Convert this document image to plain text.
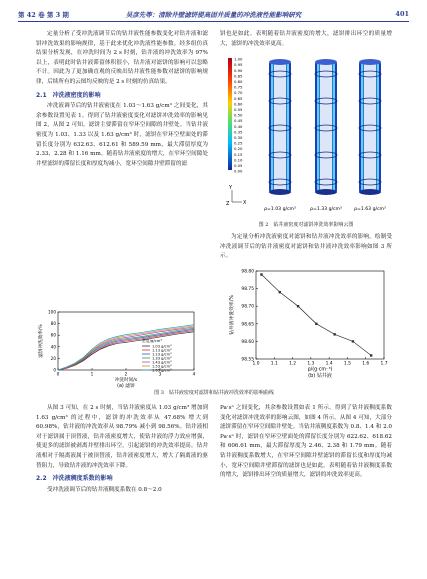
第 42 卷 第 3 期	吴彦先等：清除井壁滤饼提高固井质量的冲洗液性能影响研究	401

定量分析了受冲洗液调节后的钻井液性能参数变化对钻井液和滤饼冲洗效果的影响规律，基于此来优化冲洗液性能参数。经多组仿真结果分析发现，在冲洗时间为 2 s 时刻，钻井液的冲洗效率为 97% 以上，表明此时钻井液滞留体积很小，钻井液对滤饼的影响可以忽略不计。因此为了更加确直观的反映出钻井液性能参数对滤饼的影响规律，后续所有的云图均反映的是 2 s 时刻的仿真结果。

2.1　冲洗液密度的影响

冲洗液调节后的钻井液密度在 1.03～1.63 g/cm³ 之间变化，其余参数设置见表 1。得到了钻井液密度变化对滤饼冲洗效率的影响见图 2，从图 2 可知，滤饼主要滞留在窄环空间隙的井壁处。当钻井液密度为 1.03、1.33 以及 1.63 g/cm³ 时，滤饼在窄环空壁面处的滞留长度分别为 632.63、612.61 和 589.59 mm，最大滞留厚度为 2.33、2.28 和 1.16 mm。随着钻井液密度的增大，在窄环空间隙处井壁滤饼的滞留长度和厚度均减小，宽环空间隙井壁滞留的滤

饼也是如此。表明随着钻井液密度的增大，滤饼排出环空的质量增大，滤饼的冲洗效率更高。

1.00
0.95
0.90
0.85
0.80
0.75
0.70
0.65
0.60
0.55
0.50
0.45
0.40
0.35
0.30
0.25
0.20
0.15
0.10
0.05
0.00
Y
Z	X
ρ=1.03 g/cm³	ρ=1.33 g/cm³	ρ=1.63 g/cm³
图 2　钻井液密度对滤饼冲洗效率影响云图

为定量分析冲洗液密度对滤饼和钻井液冲洗效率的影响，绘制受冲洗液调节后的钻井液密度对滤饼和钻井液冲洗效率影响如图 3 所示。

98.55
98.60
98.65
98.70
98.75
98.80
1.0	1.1	1.2	1.3	1.4	1.5	1.6	1.7
ρ/(g·cm⁻³)
钻井液冲洗效率/%
(b) 钻井液
0
20
40
60
80
100
0	1	2	3	4
密度/g/cm³
1.03 g/cm³
1.13 g/cm³
1.23 g/cm³
1.33 g/cm³
1.43 g/cm³
1.53 g/cm³
1.63 g/cm³
冲洗时间/s
滤饼冲洗效率/%
(a) 滤饼
图 3　钻井液密度对滤饼和钻井液冲洗效率的影响曲线

从图 3 可知，在 2 s 时刻，当钻井液密度从 1.03 g/cm³ 增加到 1.63 g/cm³ 的过程中，滤饼的冲洗效率从 47.68% 增大到 60.98%，钻井液的冲洗效率从 98.79% 减小到 98.56%。钻井液相对于滤饼属于顶替液，钻井液密度增大，使钻井液的浮力效应增强，使更多的滤饼被剥离井壁排出环空，引起滤饼的冲洗效率提高。钻井液相对于隔离液属于被顶替液，钻井液密度增大，增大了隔离液的驱替阻力，导致钻井液的冲洗效率下降。

2.2　冲洗液稠度系数的影响

受冲洗液调节后的钻井液稠度系数在 0.8～2.0

Pa·sⁿ 之间变化，其余参数设置如表 1 所示。得到了钻井液稠度系数变化对滤饼冲洗效率的影响云图，如图 4 所示。从图 4 可知，大部分滤饼滞留在窄环空间隙井壁处。当钻井液稠度系数为 0.8、1.4 和 2.0 Pa·sⁿ 时，滤饼在窄环空壁面处的滞留长度分别为 622.62、618.62 和 606.61 mm，最大滞留厚度为 2.46、2.38 和 1.79 mm。随着钻井液稠度系数增大，在窄环空间隙井壁滤饼的滞留长度和厚度均减小，宽环空间隙井壁滞留的滤饼也是如此。表明随着钻井液稠度系数的增大，滤饼排出环空的质量增大，滤饼的冲洗效率更高。
